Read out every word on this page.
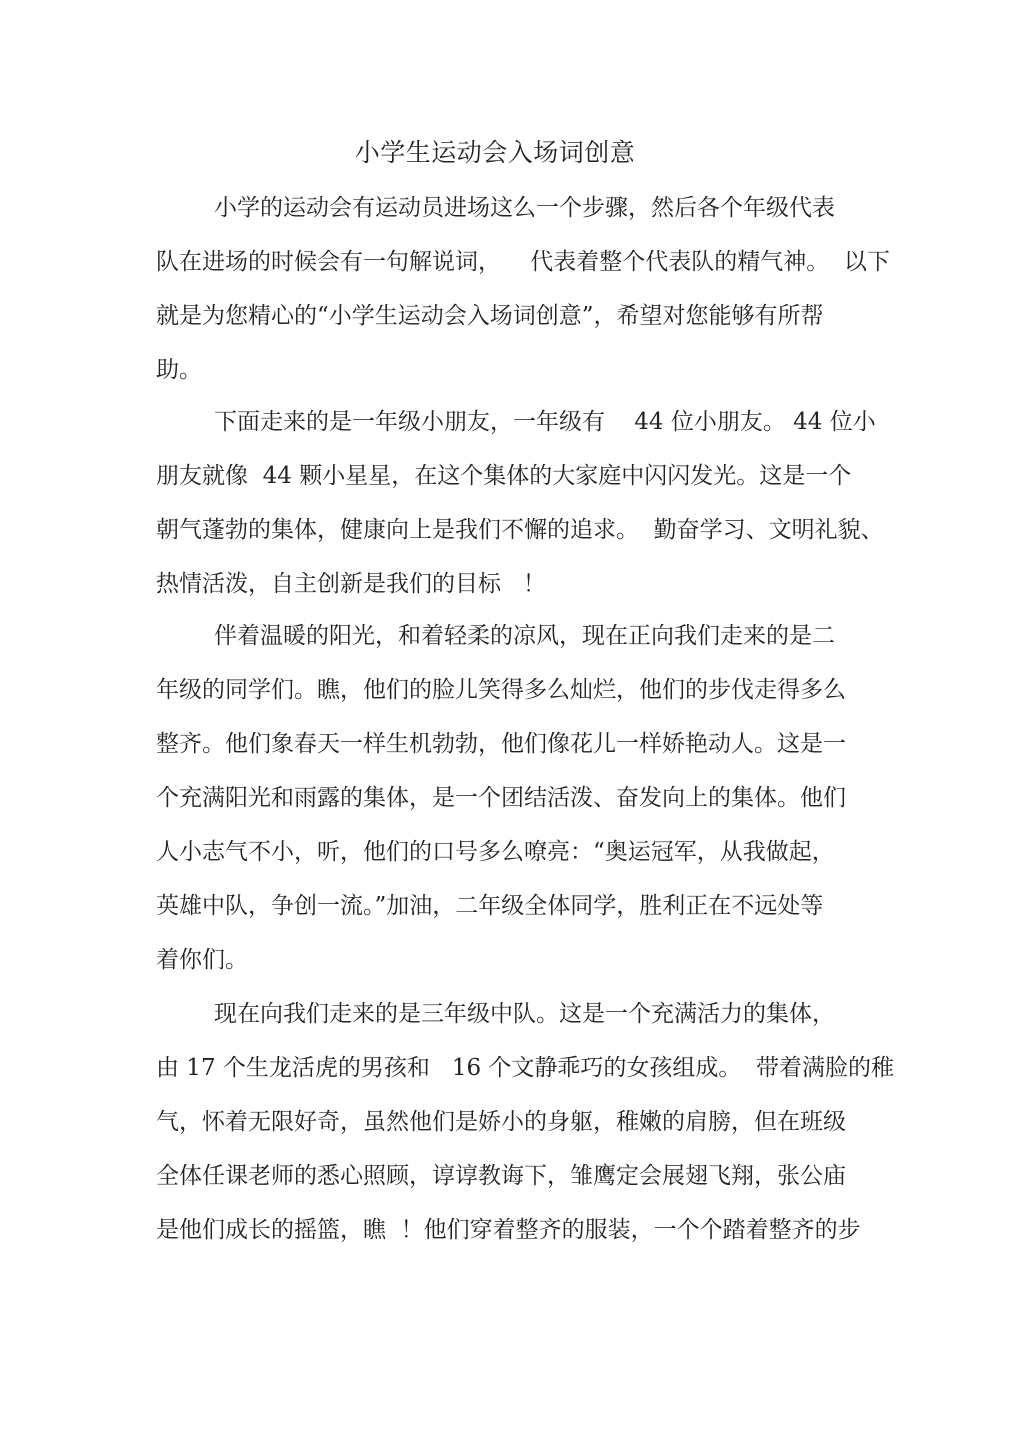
小学生运动会入场词创意
小学的运动会有运动员进场这么一个步骤，然后各个年级代表
队在进场的时候会有一句解说词，    代表着整个代表队的精气神。  以下
就是为您精心的“小学生运动会入场词创意”，希望对您能够有所帮
助。
下面走来的是一年级小朋友，一年级有    44 位小朋友。 44 位小
朋友就像  44 颗小星星，在这个集体的大家庭中闪闪发光。这是一个
朝气蓬勃的集体，健康向上是我们不懈的追求。  勤奋学习、文明礼貌、
热情活泼，自主创新是我们的目标   ！
伴着温暖的阳光，和着轻柔的凉风，现在正向我们走来的是二
年级的同学们。瞧，他们的脸儿笑得多么灿烂，他们的步伐走得多么
整齐。他们象春天一样生机勃勃，他们像花儿一样娇艳动人。这是一
个充满阳光和雨露的集体，是一个团结活泼、奋发向上的集体。他们
人小志气不小，听，他们的口号多么嘹亮：“奥运冠军，从我做起，
英雄中队，争创一流。”加油，二年级全体同学，胜利正在不远处等
着你们。
现在向我们走来的是三年级中队。这是一个充满活力的集体，
由 17 个生龙活虎的男孩和   16 个文静乖巧的女孩组成。  带着满脸的稚
气，怀着无限好奇，虽然他们是娇小的身躯，稚嫩的肩膀，但在班级
全体任课老师的悉心照顾，谆谆教诲下，雏鹰定会展翅飞翔，张公庙
是他们成长的摇篮，瞧  ！他们穿着整齐的服装，一个个踏着整齐的步
